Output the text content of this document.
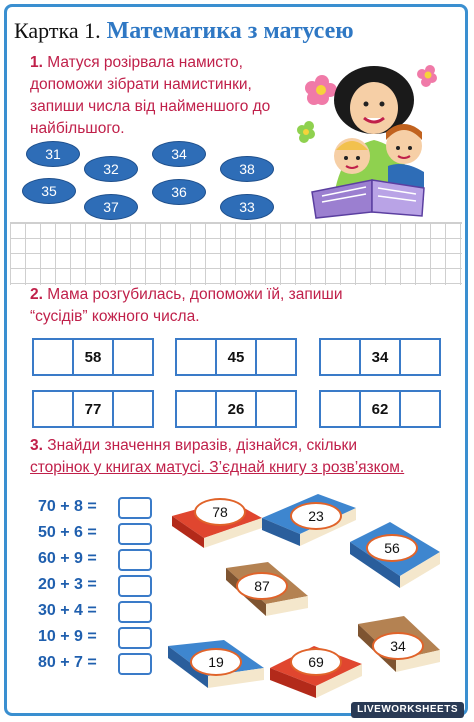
Картка 1. Математика з матусею
1. Матуся розірвала намисто,
допоможи зібрати намистинки,
запиши числа від найменшого до
найбільшого.
31
32
34
38
35
37
36
33
2. Мама розгубилась, допоможи їй, запиши
“сусідів” кожного числа.
58	45	34
77	26	62
3. Знайди значення виразів, дізнайся, скільки
сторінок у книгах матусі. З’єднай книгу з розв’язком.
70 + 8 =
50 + 6 =
60 + 9 =
20 + 3 =
30 + 4 =
10 + 9 =
80 + 7 =
78	23
56
87
34
19	69
LIVEWORKSHEETS
